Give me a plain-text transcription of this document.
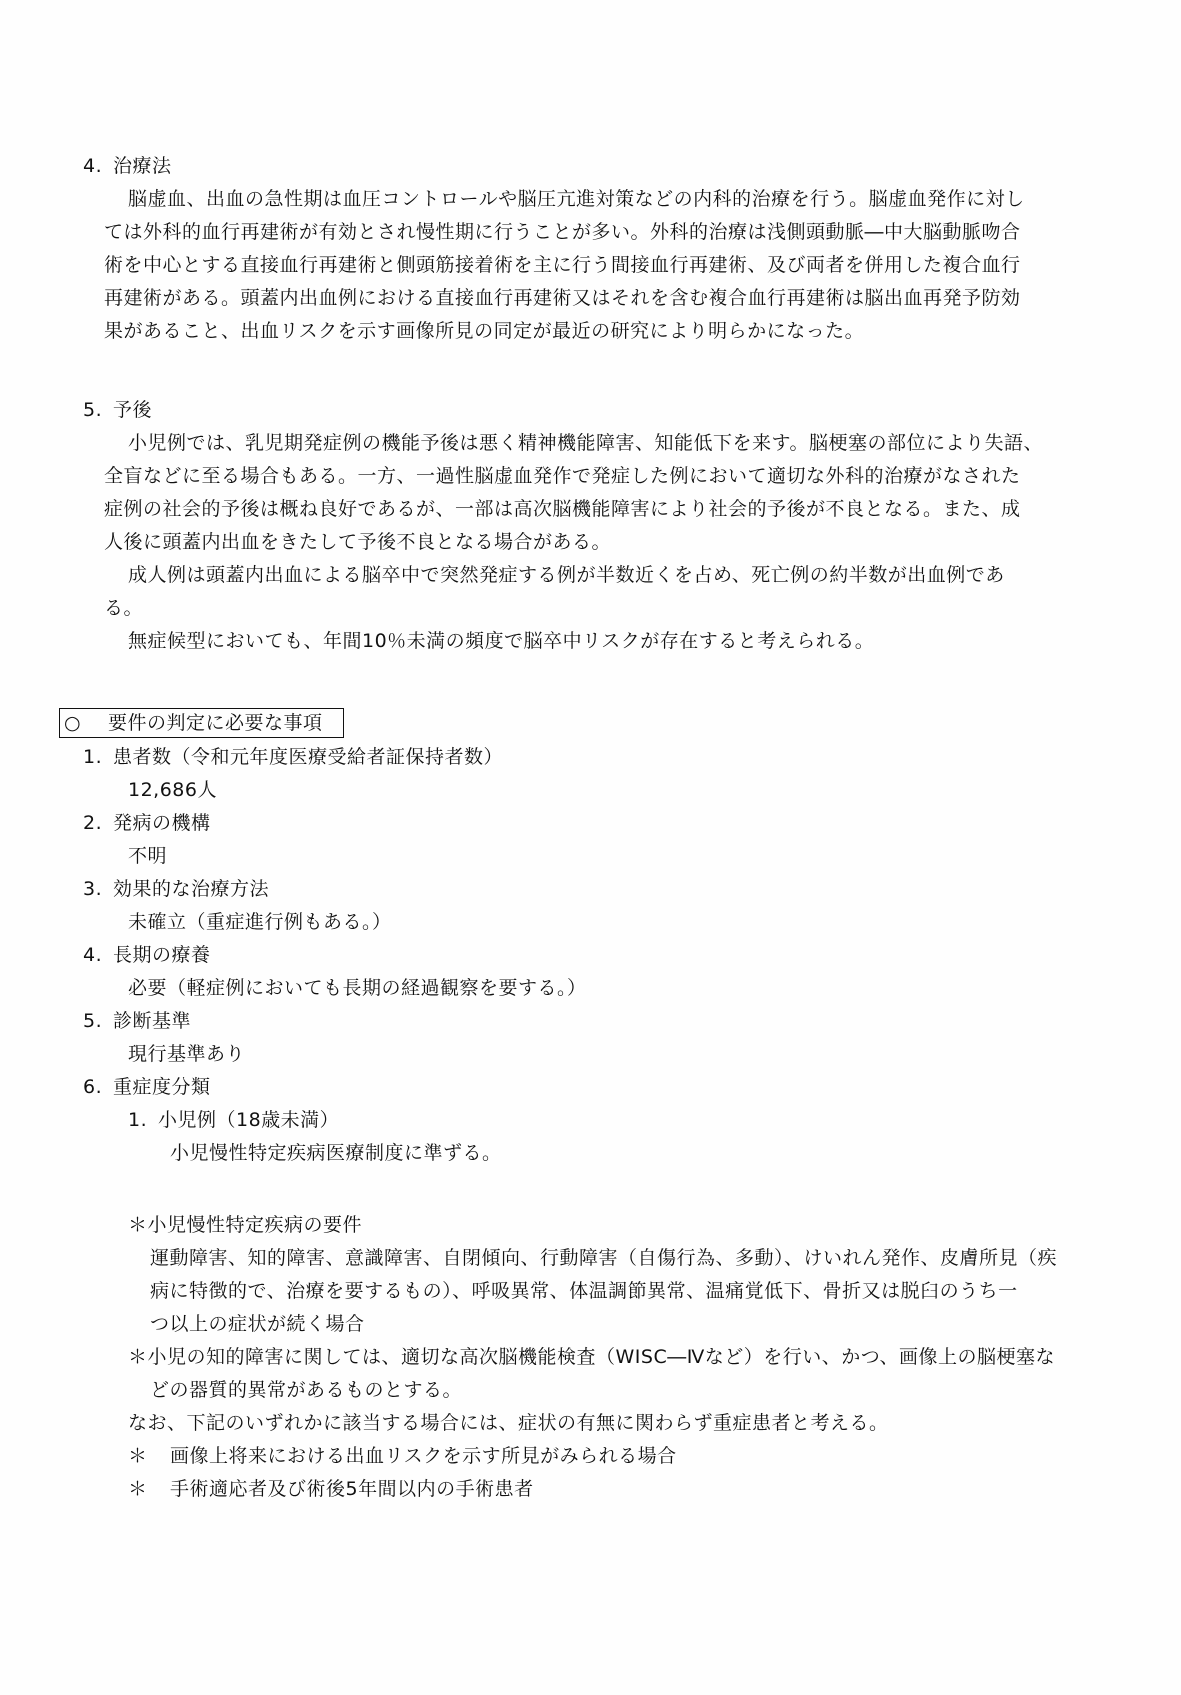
4. 治療法
脳虚血、出血の急性期は血圧コントロールや脳圧亢進対策などの内科的治療を行う。脳虚血発作に対し
ては外科的血行再建術が有効とされ慢性期に行うことが多い。外科的治療は浅側頭動脈―中大脳動脈吻合
術を中心とする直接血行再建術と側頭筋接着術を主に行う間接血行再建術、及び両者を併用した複合血行
再建術がある。頭蓋内出血例における直接血行再建術又はそれを含む複合血行再建術は脳出血再発予防効
果があること、出血リスクを示す画像所見の同定が最近の研究により明らかになった。
5. 予後
小児例では、乳児期発症例の機能予後は悪く精神機能障害、知能低下を来す。脳梗塞の部位により失語、
全盲などに至る場合もある。一方、一過性脳虚血発作で発症した例において適切な外科的治療がなされた
症例の社会的予後は概ね良好であるが、一部は高次脳機能障害により社会的予後が不良となる。また、成
人後に頭蓋内出血をきたして予後不良となる場合がある。
成人例は頭蓋内出血による脳卒中で突然発症する例が半数近くを占め、死亡例の約半数が出血例であ
る。
無症候型においても、年間10％未満の頻度で脳卒中リスクが存在すると考えられる。
○ 要件の判定に必要な事項
1. 患者数（令和元年度医療受給者証保持者数）
12,686人
2. 発病の機構
不明
3. 効果的な治療方法
未確立（重症進行例もある。）
4. 長期の療養
必要（軽症例においても長期の経過観察を要する。）
5. 診断基準
現行基準あり
6. 重症度分類
1. 小児例（18歳未満）
小児慢性特定疾病医療制度に準ずる。
＊小児慢性特定疾病の要件
運動障害、知的障害、意識障害、自閉傾向、行動障害（自傷行為、多動）、けいれん発作、皮膚所見（疾
病に特徴的で、治療を要するもの）、呼吸異常、体温調節異常、温痛覚低下、骨折又は脱臼のうち一
つ以上の症状が続く場合
＊小児の知的障害に関しては、適切な高次脳機能検査（WISC―Ⅳなど）を行い、かつ、画像上の脳梗塞な
どの器質的異常があるものとする。
なお、下記のいずれかに該当する場合には、症状の有無に関わらず重症患者と考える。
＊ 画像上将来における出血リスクを示す所見がみられる場合
＊ 手術適応者及び術後5年間以内の手術患者
